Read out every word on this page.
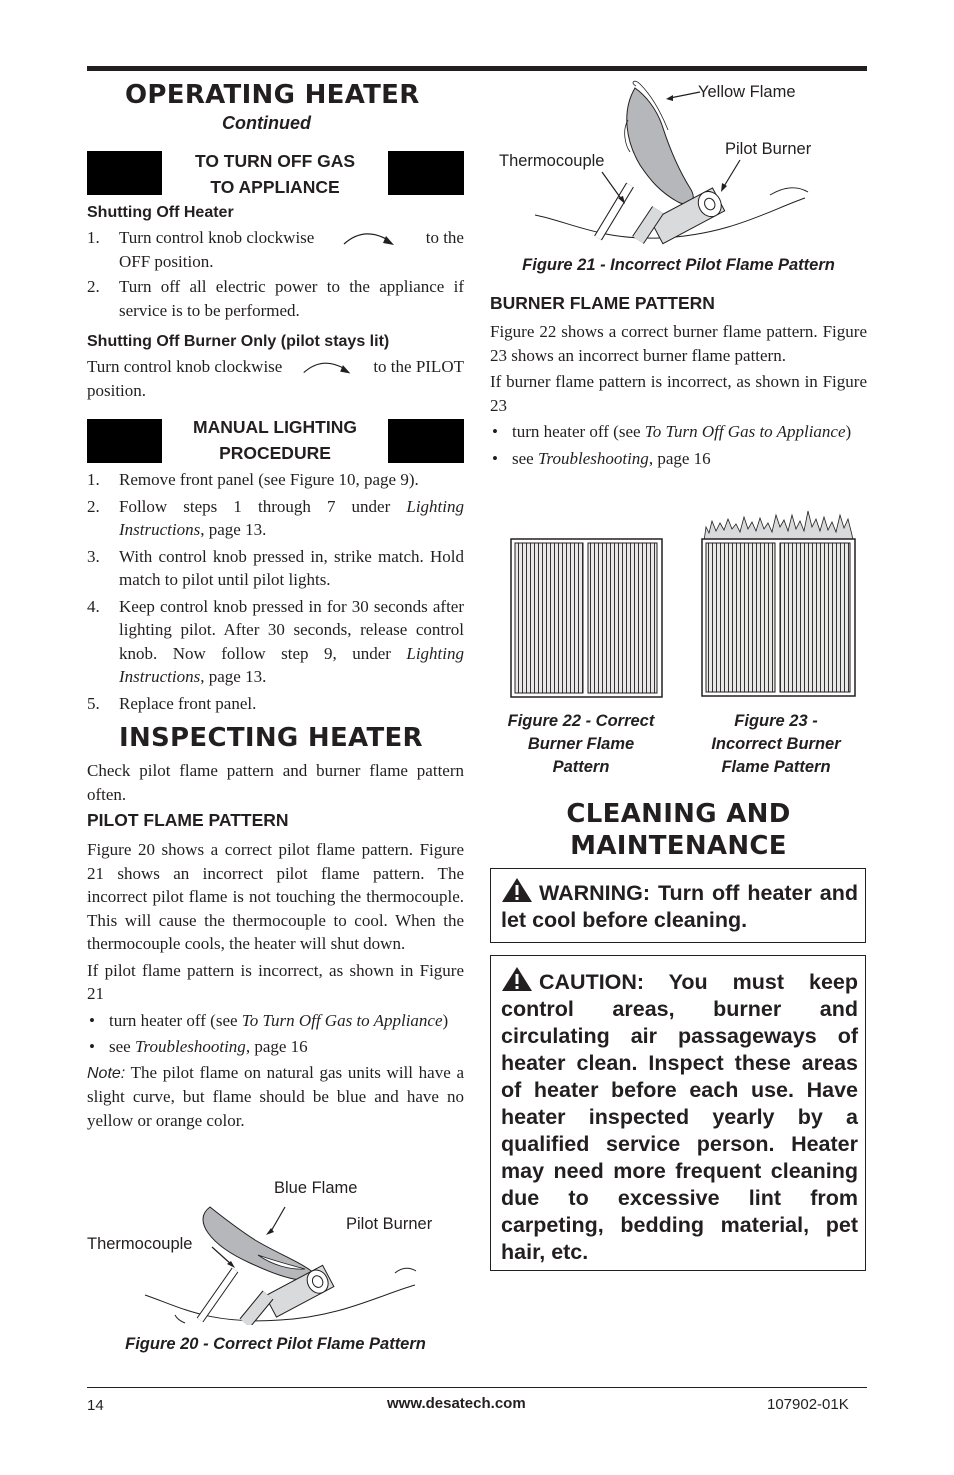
OPERATING HEATER
Continued
TO TURN OFF GAS
TO APPLIANCE
Shutting Off Heater
1. Turn control knob clockwise	to the
OFF position.
2. Turn off all electric power to the appliance if service is to be performed.
Shutting Off Burner Only (pilot stays lit)
Turn control knob clockwise	to the PILOT
position.
MANUAL LIGHTING
PROCEDURE
1. Remove front panel (see Figure 10, page 9).
2. Follow steps 1 through 7 under Lighting Instructions, page 13.
3. With control knob pressed in, strike match. Hold match to pilot until pilot lights.
4. Keep control knob pressed in for 30 seconds after lighting pilot. After 30 seconds, release control knob. Now follow step 9, under Lighting Instructions, page 13.
5. Replace front panel.
INSPECTING HEATER
Check pilot flame pattern and burner flame pattern often.
PILOT FLAME PATTERN

Figure 20 shows a correct pilot flame pattern. Figure 21 shows an incorrect pilot flame pattern. The incorrect pilot flame is not touching the thermocouple. This will cause the thermocouple to cool. When the thermocouple cools, the heater will shut down.

If pilot flame pattern is incorrect, as shown in Figure 21

• turn heater off (see To Turn Off Gas to Appliance)
• see Troubleshooting, page 16

Note: The pilot flame on natural gas units will have a slight curve, but flame should be blue and have no yellow or orange color.

Blue Flame
Pilot Burner
Thermocouple
Figure 20 - Correct Pilot Flame Pattern
Yellow Flame
Pilot Burner
Thermocouple
Figure 21 - Incorrect Pilot Flame Pattern
BURNER FLAME PATTERN

Figure 22 shows a correct burner flame pattern. Figure 23 shows an incorrect burner flame pattern.

If burner flame pattern is incorrect, as shown in Figure 23

• turn heater off (see To Turn Off Gas to Appliance)
• see Troubleshooting, page 16
Figure 22 - Correct
Burner Flame
Pattern
Figure 23 -
Incorrect Burner
Flame Pattern
CLEANING AND
MAINTENANCE
WARNING: Turn off heater and let cool before cleaning.
CAUTION: You must keep control areas, burner and circulating air passageways of heater clean. Inspect these areas of heater before each use. Have heater inspected yearly by a qualified service person. Heater may need more frequent cleaning due to excessive lint from carpeting, bedding material, pet hair, etc.
14	www.desatech.com	107902-01K
